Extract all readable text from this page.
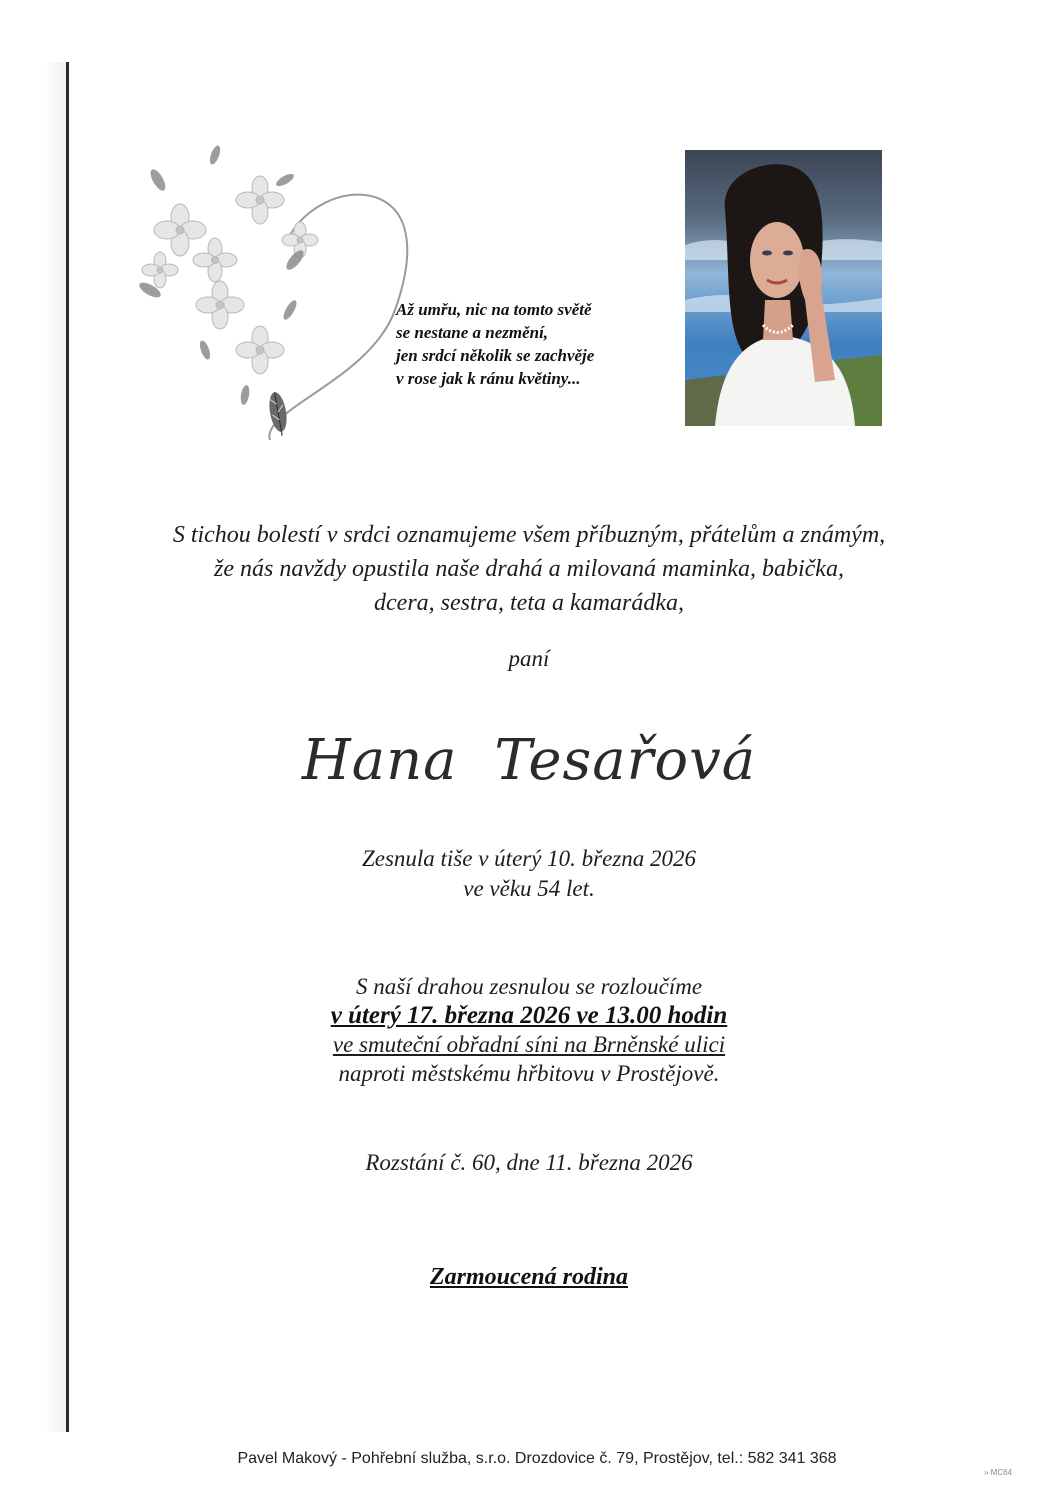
Až umřu, nic na tomto světě
se nestane a nezmění,
jen srdcí několik se zachvěje
v rose jak k ránu květiny...
S tichou bolestí v srdci oznamujeme všem příbuzným, přátelům a známým,
že nás navždy opustila naše drahá a milovaná maminka, babička,
dcera, sestra, teta a kamarádka,
paní
Hana Tesařová
Zesnula tiše v úterý 10. března 2026
ve věku 54 let.
S naší drahou zesnulou se rozloučíme
v úterý 17. března 2026 ve 13.00 hodin
ve smuteční obřadní síni na Brněnské ulici
naproti městskému hřbitovu v Prostějově.
Rozstání č. 60, dne 11. března 2026
Zarmoucená rodina
Pavel Makový - Pohřební služba, s.r.o. Drozdovice č. 79, Prostějov, tel.: 582 341 368
» MC64
